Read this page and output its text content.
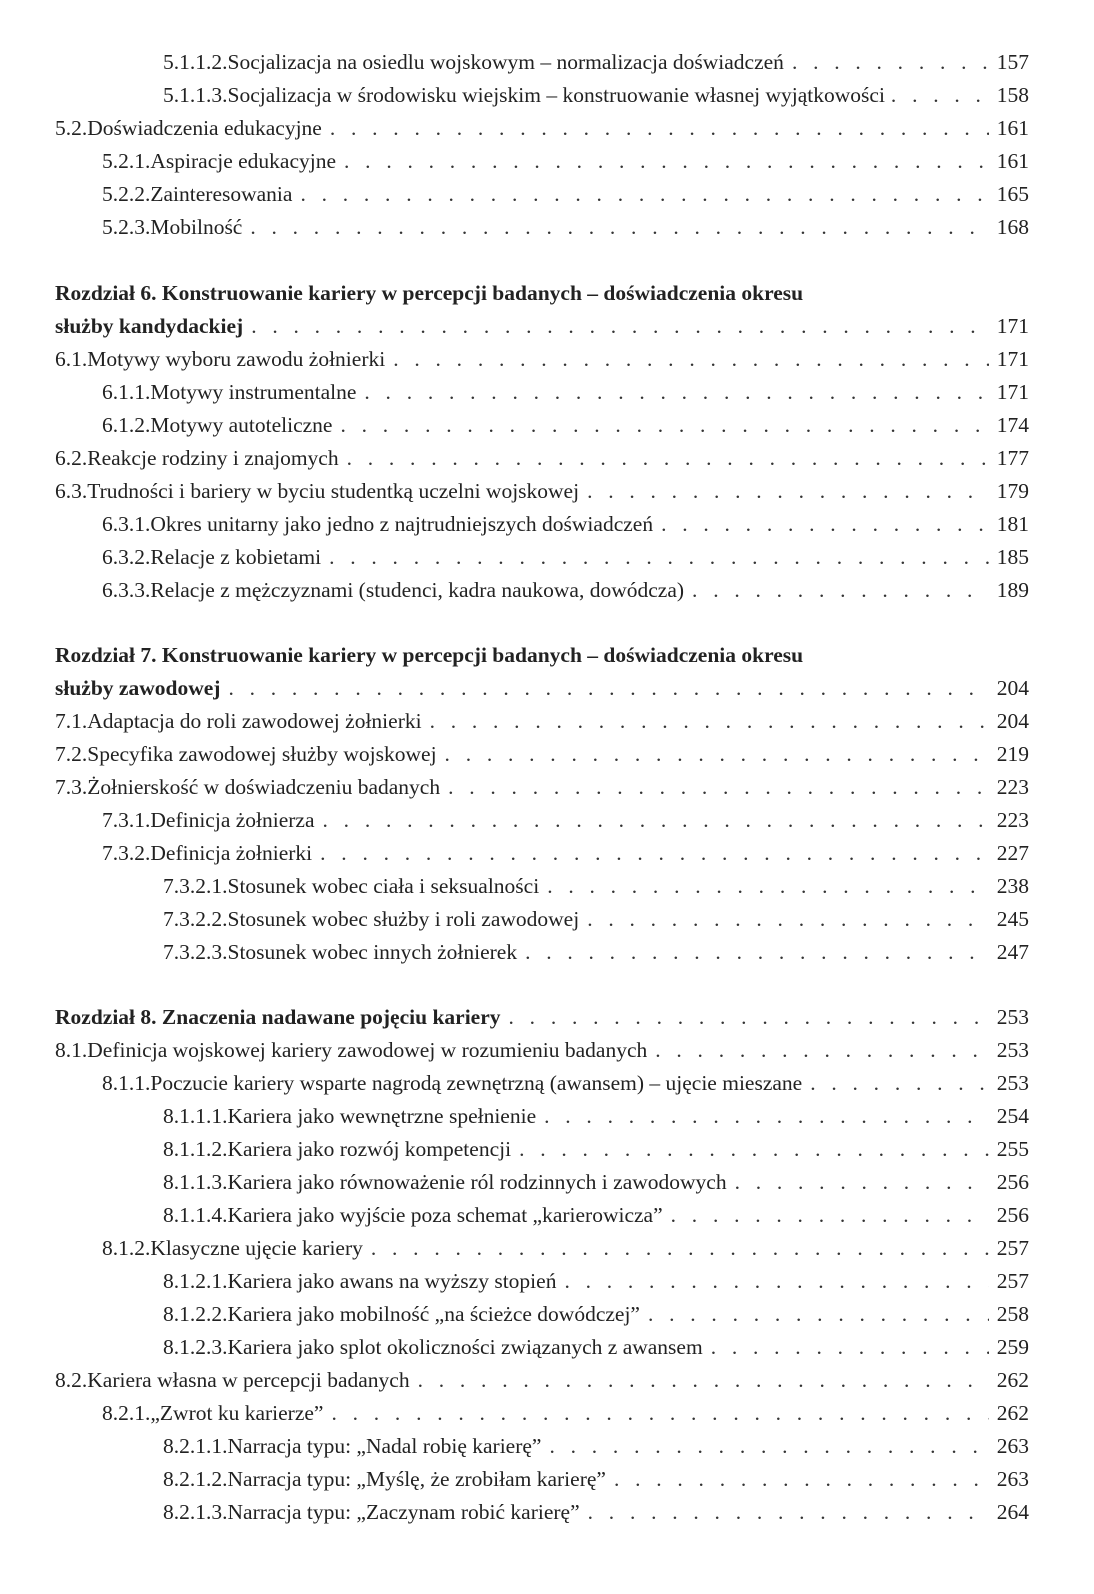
5.1.1.2. Socjalizacja na osiedlu wojskowym – normalizacja doświadczeń . . .	157
5.1.1.3. Socjalizacja w środowisku wiejskim – konstruowanie własnej wyjątkowości . . .	158
5.2. Doświadczenia edukacyjne . . .	161
5.2.1. Aspiracje edukacyjne . . .	161
5.2.2. Zainteresowania . . .	165
5.2.3. Mobilność . . .	168
Rozdział 6. Konstruowanie kariery w percepcji badanych – doświadczenia okresu
służby kandydackiej . . .	171
6.1. Motywy wyboru zawodu żołnierki . . .	171
6.1.1. Motywy instrumentalne . . .	171
6.1.2. Motywy autoteliczne . . .	174
6.2. Reakcje rodziny i znajomych . . .	177
6.3. Trudności i bariery w byciu studentką uczelni wojskowej . . .	179
6.3.1. Okres unitarny jako jedno z najtrudniejszych doświadczeń . . .	181
6.3.2. Relacje z kobietami . . .	185
6.3.3. Relacje z mężczyznami (studenci, kadra naukowa, dowódcza) . . .	189
Rozdział 7. Konstruowanie kariery w percepcji badanych – doświadczenia okresu
służby zawodowej . . .	204
7.1. Adaptacja do roli zawodowej żołnierki . . .	204
7.2. Specyfika zawodowej służby wojskowej . . .	219
7.3. Żołnierskość w doświadczeniu badanych . . .	223
7.3.1. Definicja żołnierza . . .	223
7.3.2. Definicja żołnierki . . .	227
7.3.2.1. Stosunek wobec ciała i seksualności . . .	238
7.3.2.2. Stosunek wobec służby i roli zawodowej . . .	245
7.3.2.3. Stosunek wobec innych żołnierek . . .	247
Rozdział 8. Znaczenia nadawane pojęciu kariery . . .	253
8.1. Definicja wojskowej kariery zawodowej w rozumieniu badanych . . .	253
8.1.1. Poczucie kariery wsparte nagrodą zewnętrzną (awansem) – ujęcie mieszane . . .	253
8.1.1.1. Kariera jako wewnętrzne spełnienie . . .	254
8.1.1.2. Kariera jako rozwój kompetencji . . .	255
8.1.1.3. Kariera jako równoważenie ról rodzinnych i zawodowych . . .	256
8.1.1.4. Kariera jako wyjście poza schemat „karierowicza” . . .	256
8.1.2. Klasyczne ujęcie kariery . . .	257
8.1.2.1. Kariera jako awans na wyższy stopień . . .	257
8.1.2.2. Kariera jako mobilność „na ścieżce dowódczej” . . .	258
8.1.2.3. Kariera jako splot okoliczności związanych z awansem . . .	259
8.2. Kariera własna w percepcji badanych . . .	262
8.2.1. „Zwrot ku karierze” . . .	262
8.2.1.1. Narracja typu: „Nadal robię karierę” . . .	263
8.2.1.2. Narracja typu: „Myślę, że zrobiłam karierę” . . .	263
8.2.1.3. Narracja typu: „Zaczynam robić karierę” . . .	264
